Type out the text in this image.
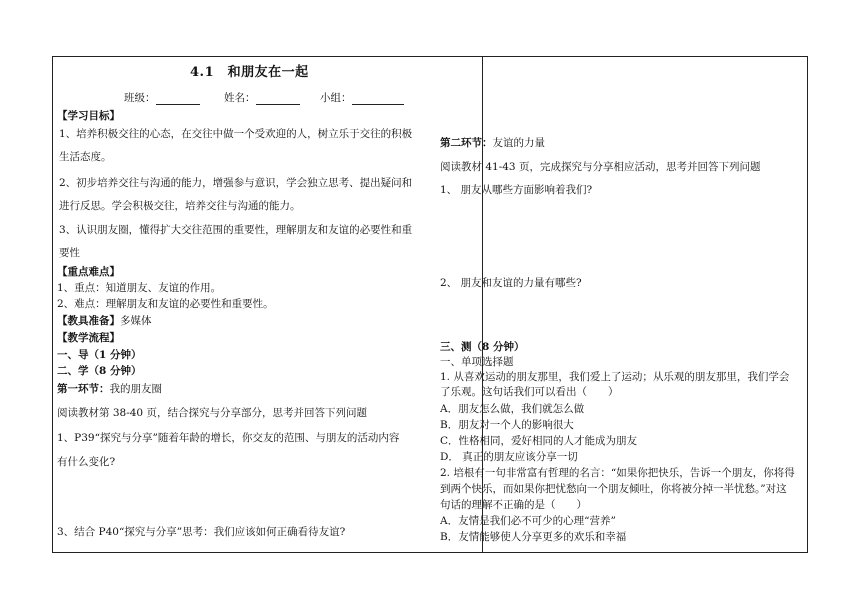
4.1　和朋友在一起
班级：	姓名：	小组：
【学习目标】
1、培养积极交往的心态，在交往中做一个受欢迎的人，树立乐于交往的积极
生活态度。
2、初步培养交往与沟通的能力，增强参与意识，学会独立思考、提出疑问和
进行反思。学会积极交往，培养交往与沟通的能力。
3、认识朋友圈，懂得扩大交往范围的重要性，理解朋友和友谊的必要性和重
要性
【重点难点】
1、重点：知道朋友、友谊的作用。
2、难点：理解朋友和友谊的必要性和重要性。
【教具准备】多媒体
【教学流程】
一、导（1 分钟）
二、学（8 分钟）
第一环节：我的朋友圈
阅读教材第 38-40 页，结合探究与分享部分，思考并回答下列问题
1、P39“探究与分享”随着年龄的增长，你交友的范围、与朋友的活动内容
有什么变化?
3、结合 P40“探究与分享”思考：我们应该如何正确看待友谊?
第二环节：友谊的力量
阅读教材 41-43 页，完成探究与分享相应活动，思考并回答下列问题
1、 朋友从哪些方面影响着我们?
2、 朋友和友谊的力量有哪些?
三、测（8 分钟）
一、单项选择题
1. 从喜欢运动的朋友那里，我们爱上了运动；从乐观的朋友那里，我们学会
了乐观。这句话我们可以看出（　　）
A．朋友怎么做，我们就怎么做
B．朋友对一个人的影响很大
C．性格相同，爱好相同的人才能成为朋友
D． 真正的朋友应该分享一切
2. 培根有一句非常富有哲理的名言：“如果你把快乐，告诉一个朋友，你将得
到两个快乐，而如果你把忧愁向一个朋友倾吐，你将被分掉一半忧愁。”对这
句话的理解不正确的是（　　）
A．友情是我们必不可少的心理“营养”
B．友情能够使人分享更多的欢乐和幸福
